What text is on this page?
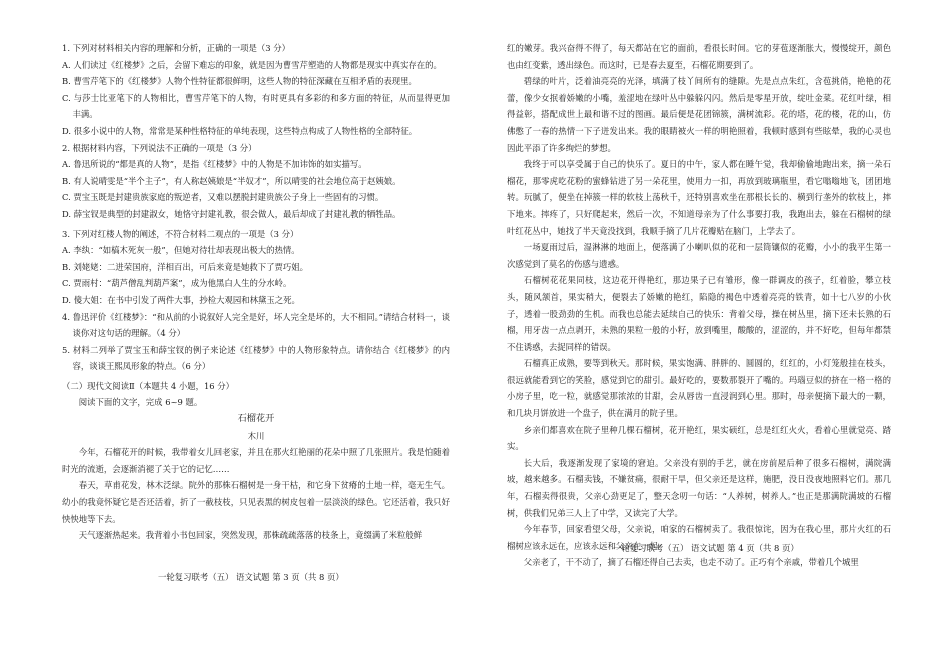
1. 下列对材料相关内容的理解和分析，正确的一项是（3 分）

A. 人们读过《红楼梦》之后，会留下难忘的印象，就是因为曹雪芹塑造的人物都是现实中真实存在的。

B. 曹雪芹笔下的《红楼梦》人物个性特征都很鲜明，这些人物的特征深藏在互相矛盾的表现里。

C. 与莎士比亚笔下的人物相比，曹雪芹笔下的人物，有时更具有多彩的和多方面的特征，从而显得更加丰满。

D. 很多小说中的人物，常常是某种性格特征的单纯表现，这些特点构成了人物性格的全部特征。

2. 根据材料内容，下列说法不正确的一项是（3 分）

A. 鲁迅所说的“都是真的人物”，是指《红楼梦》中的人物是不加讳饰的如实描写。

B. 有人说晴雯是“半个主子”，有人称赵姨娘是“半奴才”，所以晴雯的社会地位高于赵姨娘。

C. 贾宝玉既是封建贵族家庭的叛逆者，又难以摆脱封建贵族公子身上一些固有的习惯。

D. 薛宝钗是典型的封建淑女，她恪守封建礼教，很会做人，最后却成了封建礼教的牺牲品。

3. 下列对红楼人物的阐述，不符合材料二观点的一项是（3 分）

A. 李纨：“如槁木死灰一般”，但她对待壮却表现出极大的热情。

B. 刘姥姥：二进荣国府，洋相百出，可后来竟是她救下了贾巧姐。

C. 贾雨村：“葫芦僧乱判葫芦案”，成为他黑白人生的分水岭。

D. 傻大姐：在书中引发了两件大事，抄检大观园和林黛玉之死。

4. 鲁迅评价《红楼梦》：“和从前的小说叙好人完全是好，坏人完全是坏的，大不相同。”请结合材料一，谈谈你对这句话的理解。（4 分）

5. 材料二列举了贾宝玉和薛宝钗的例子来论述《红楼梦》中的人物形象特点。请你结合《红楼梦》的内容，谈谈王熙凤形象的特点。（6 分）

（二）现代文阅读Ⅱ（本题共 4 小题，16 分）

阅读下面的文字，完成 6~9 题。

石榴花开

木川

今年，石榴花开的时候，我带着女儿回老家，并且在那火红艳丽的花朵中照了几张照片。我是怕随着时光的流逝，会逐渐消褪了关于它的记忆……

春天，草甫花发，林木泛绿。院外的那株石榴树是一身干枯，和它身下贫瘠的土地一样，毫无生气。幼小的我竟怀疑它是否还活着，折了一截枝枝，只见表黑的树皮包着一层淡淡的绿色。它还活着，我只好怏怏地等下去。

天气逐渐热起来。我背着小书包回家，突然发现，那株疏疏落落的枝条上，竟缀满了米粒般鲜

一轮复习联考（五） 语文试题 第 3 页（共 8 页）

红的嫩芽。我兴奋得不得了，每天都站在它的面前，看很长时间。它的芽苞逐渐胀大，慢慢绽开，颜色也由红变紫，透出绿色。而这时，已是春去夏至，石榴花期要到了。

碧绿的叶片，泛着油亮亮的光泽，填满了枝丫间所有的缝隙。先是点点朱红，含苞挑俏，艳艳的花蕾，像少女抿着娇嫩的小嘴，羞涩地在绿叶丛中躲躲闪闪。然后是零星开放，绽吐金菜。花红叶绿，相得益彰，搭配成世上最和谐不过的图画。最后便是花团锦簇，满树流彩。花的塔，花的楼，花的山，仿佛憋了一春的热情一下子迸发出来。我的眼睛被火一样的明艳照着，我顿时感到有些眩晕，我的心灵也因此平添了许多绚烂的梦想。

我终于可以享受属于自己的快乐了。夏日的中午，家人都在睡午觉，我却偷偷地跑出来，摘一朵石榴花，那零虎吃花粉的蜜蜂钻进了另一朵花里，使用力一扣，再放到玻璃瓶里，看它嗡嗡地飞，团团地转。玩腻了，便坐在掉簇一样的软枝上荡秋千，还特别喜欢坐在那根长长的、横到行垄外的软枝上，摔下地来。摔疼了，只好爬起来，然后一次，不知道母亲为了什么事要打我，我跑出去，躲在石榴树的绿叶红花丛中，她找了半天竟没找到，我顺手摘了几片花瓣贴在脑门，上学去了。

一场夏雨过后，湿淋淋的地面上，便落满了小喇叭似的花和一层筒镶似的花瓣，小小的我平生第一次感觉到了莫名的伤感与遗惑。

石榴树花花果同枝，这边花开得艳红，那边果子已有雏形，像一群调皮的孩子，红着脸，攀立枝头，随风颔首，果实稍大，便裂去了娇嫩的艳红，陷隐的褐色中透着亮亮的铁青，如十七八岁的小伙子，透着一股劲劲的生机。而我也总能去延续自己的快乐：背着父母，操在树丛里，摘下还未长熟的石榴，用牙齿一点点剥开，未熟的果粒一般的小籽，放到嘴里，酸酸的，涩涩的，并不好吃，但每年都禁不住诱惑，去捉同样的错误。

石榴真正成熟，要等到秋天。那时候，果实饱满、胖胖的、圆圆的，红红的，小灯笼般挂在枝头，很远就能看到它的笑脸，感觉到它的甜引。最好吃的，要数那裂开了嘴的。玛瑙豆似的挤在一格一格的小房子里，吃一粒，就感觉那浓浓的甘甜，会从唇齿一直浸润到心里。那时，母亲便摘下最大的一颗，和几块月饼放进一个盘子，供在满月的院子里。

乡亲们都喜欢在院子里种几棵石榴树，花开艳红，果实硕红，总是红红火火，看着心里就觉亮、踏实。

长大后，我逐渐发现了家境的窘迫。父亲没有别的手艺，就在房前屋后种了很多石榴树，满院满坡，越来越多。石榴卖钱，不嫌贫痛，很耐干旱，但父亲还是这样，施肥，没日没夜地照料它们。那几年，石榴卖得很贵，父亲心劲更足了，整天念叨一句话：“人养树，树养人。”也正是那满院满坡的石榴树，供我们兄弟三人上了中学，又读完了大学。

今年春节，回家看望父母，父亲说，咱家的石榴树卖了。我很惊诧，因为在我心里，那片火红的石榴树应该永远在，应该永远和父亲在一起。

父亲老了，干不动了，摘了石榴还得自己去卖，也走不动了。正巧有个亲戚，带着几个城里

一轮复习联考（五） 语文试题 第 4 页（共 8 页）
